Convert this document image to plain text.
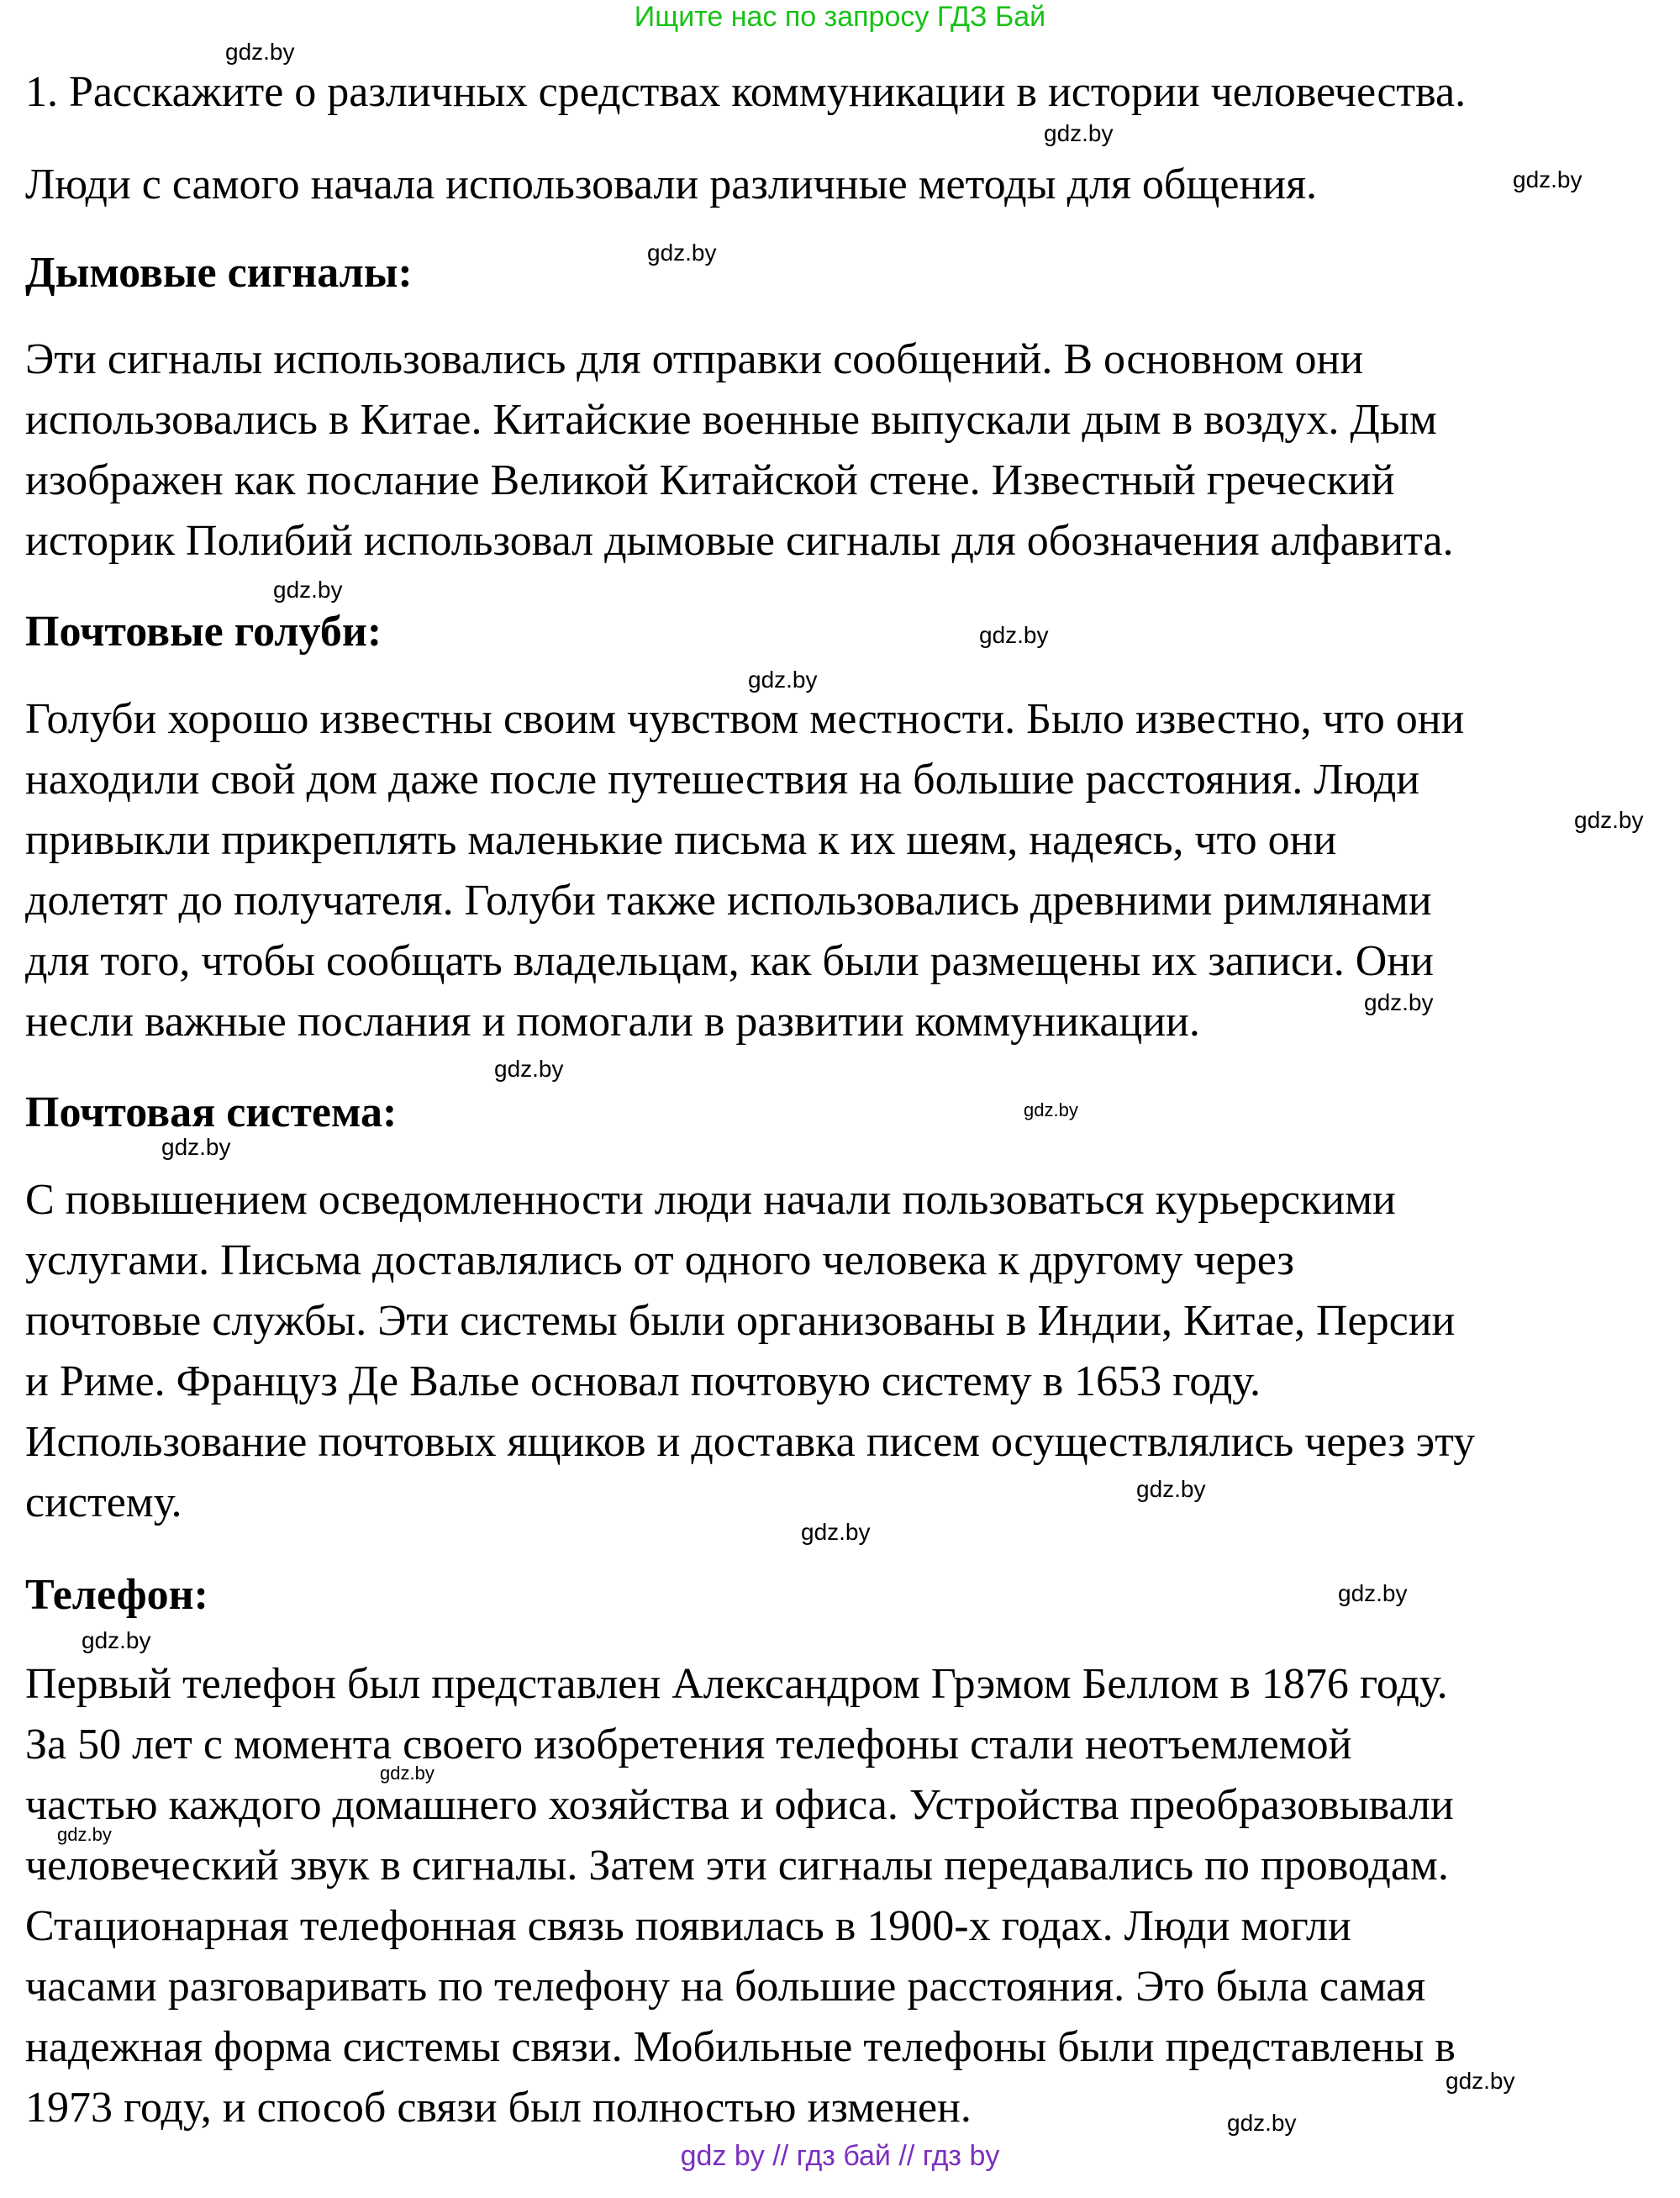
Ищите нас по запросу ГДЗ Бай
1. Расскажите о различных средствах коммуникации в истории человечества.
Люди с самого начала использовали различные методы для общения.
Дымовые сигналы:
Эти сигналы использовались для отправки сообщений. В основном они
использовались в Китае. Китайские военные выпускали дым в воздух. Дым
изображен как послание Великой Китайской стене. Известный греческий
историк Полибий использовал дымовые сигналы для обозначения алфавита.
Почтовые голуби:
Голуби хорошо известны своим чувством местности. Было известно, что они
находили свой дом даже после путешествия на большие расстояния. Люди
привыкли прикреплять маленькие письма к их шеям, надеясь, что они
долетят до получателя. Голуби также использовались древними римлянами
для того, чтобы сообщать владельцам, как были размещены их записи. Они
несли важные послания и помогали в развитии коммуникации.
Почтовая система:
С повышением осведомленности люди начали пользоваться курьерскими
услугами. Письма доставлялись от одного человека к другому через
почтовые службы. Эти системы были организованы в Индии, Китае, Персии
и Риме. Француз Де Валье основал почтовую систему в 1653 году.
Использование почтовых ящиков и доставка писем осуществлялись через эту
систему.
Телефон:
Первый телефон был представлен Александром Грэмом Беллом в 1876 году.
За 50 лет с момента своего изобретения телефоны стали неотъемлемой
частью каждого домашнего хозяйства и офиса. Устройства преобразовывали
человеческий звук в сигналы. Затем эти сигналы передавались по проводам.
Стационарная телефонная связь появилась в 1900-х годах. Люди могли
часами разговаривать по телефону на большие расстояния. Это была самая
надежная форма системы связи. Мобильные телефоны были представлены в
1973 году, и способ связи был полностью изменен.
gdz.by
gdz.by
gdz.by
gdz.by
gdz.by
gdz.by
gdz.by
gdz.by
gdz.by
gdz.by
gdz.by
gdz.by
gdz.by
gdz.by
gdz.by
gdz.by
gdz.by
gdz.by
gdz.by
gdz.by
gdz by // гдз бай // гдз by
